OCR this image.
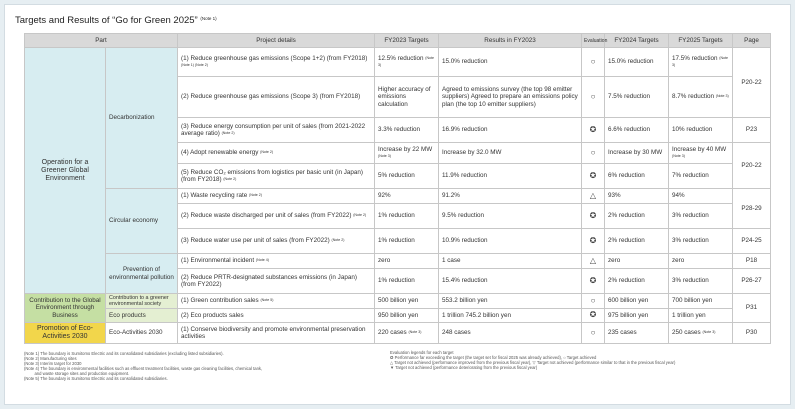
Targets and Results of “Go for Green 2025” $^{(Note 1)}$
Part		Project details	FY2023 Targets	Results in FY2023	Evaluation	FY2024 Targets	FY2025 Targets	Page
Operation for a Greener Global Environment	Decarbonization	(1) Reduce greenhouse gas emissions (Scope 1+2) (from FY2018) $^{(Note 1) (Note 2)}$	12.5% reduction $^{(Note 3)}$	15.0% reduction	○	15.0% reduction	17.5% reduction $^{(Note 3)}$	P20-22
		(2) Reduce greenhouse gas emissions (Scope 3) (from FY2018)	Higher accuracy of emissions calculation	Agreed to emissions survey (the top 98 emitter suppliers) Agreed to prepare an emissions policy plan (the top 10 emitter suppliers)	○	7.5% reduction	8.7% reduction $^{(Note 3)}$
		(3) Reduce energy consumption per unit of sales (from 2021-2022 average ratio) $^{(Note 2)}$	3.3% reduction	16.9% reduction	✪	6.6% reduction	10% reduction	P23
		(4) Adopt renewable energy $^{(Note 2)}$	Increase by 22 MW $^{(Note 3)}$	Increase by 32.0 MW	○	Increase by 30 MW	Increase by 40 MW $^{(Note 3)}$	P20-22
		(5) Reduce CO₂ emissions from logistics per basic unit (in Japan) (from FY2018) $^{(Note 2)}$	5% reduction	11.9% reduction	✪	6% reduction	7% reduction	
	Circular economy	(1) Waste recycling rate $^{(Note 2)}$	92%	91.2%	△	93%	94%	P28-29
		(2) Reduce waste discharged per unit of sales (from FY2022) $^{(Note 2)}$	1% reduction	9.5% reduction	✪	2% reduction	3% reduction	
		(3) Reduce water use per unit of sales (from FY2022) $^{(Note 2)}$	1% reduction	10.9% reduction	✪	2% reduction	3% reduction	P24-25
	Prevention of environmental pollution	(1) Environmental incident $^{(Note 4)}$	zero	1 case	△	zero	zero	P18
		(2) Reduce PRTR-designated substances emissions (in Japan) (from FY2022)	1% reduction	15.4% reduction	✪	2% reduction	3% reduction	P26-27
Contribution to the Global Environment through Business	Contribution to a greener environmental society	(1) Green contribution sales $^{(Note 5)}$	500 billion yen	553.2 billion yen	○	600 billion yen	700 billion yen	P31
	Eco products	(2) Eco products sales	950 billion yen	1 trillion 745.2 billion yen	✪	975 billion yen	1 trillion yen	
Promotion of Eco-Activities 2030	Eco-Activities 2030	(1) Conserve biodiversity and promote environmental preservation activities	220 cases $^{(Note 3)}$	248 cases	○	235 cases	250 cases $^{(Note 3)}$	P30
(Note 1) The boundary is Sumitomo Electric and its consolidated subsidiaries (excluding listed subsidiaries).
(Note 2) Manufacturing sites
(Note 3) Interim target for 2030
(Note 4) The boundary is environmental facilities such as effluent treatment facilities, waste gas cleaning facilities, chemical tank,
and waste storage sites and production equipment.
(Note 5) The boundary is Sumitomo Electric and its consolidated subsidiaries.
Evaluation legends for each target
✪ Performance far exceeding the target (the target set for fiscal 2025 was already achieved), ○ Target achieved
△ Target not achieved (performance improved from the previous fiscal year), ▽ Target not achieved (performance similar to that in the previous fiscal year)
▼ Target not achieved (performance deteriorating from the previous fiscal year)
